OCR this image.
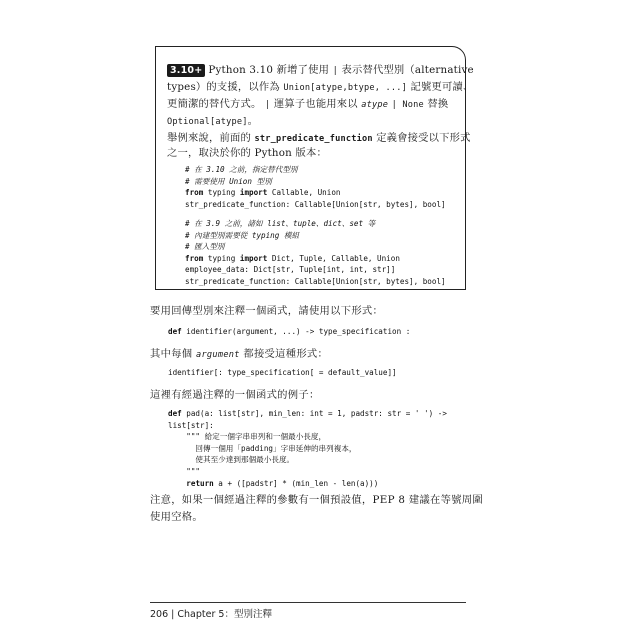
3.10+ Python 3.10 新增了使用 | 表示替代型別（alternative
types）的支援，以作為 Union[atype,btype, ...] 記號更可讀、
更簡潔的替代方式。 | 運算子也能用來以 atype | None 替換
Optional[atype]。
舉例來說，前面的 str_predicate_function 定義會接受以下形式
之一，取決於你的 Python 版本：
# 在 3.10 之前，指定替代型別
# 需要使用 Union 型別
from typing import Callable, Union
str_predicate_function: Callable[Union[str, bytes], bool]
# 在 3.9 之前，諸如 list、tuple、dict、set 等
# 內建型別需要從 typing 模組
# 匯入型別
from typing import Dict, Tuple, Callable, Union
employee_data: Dict[str, Tuple[int, int, str]]
str_predicate_function: Callable[Union[str, bytes], bool]
要用回傳型別來注釋一個函式，請使用以下形式：
def identifier(argument, ...) -> type_specification :
其中每個 argument 都接受這種形式：
identifier[: type_specification[ = default_value]]
這裡有經過注釋的一個函式的例子：
def pad(a: list[str], min_len: int = 1, padstr: str = ' ') ->
list[str]:
""" 給定一個字串串列和一個最小長度，
回傳一個用「padding」字串延伸的串列複本，
使其至少達到那個最小長度。
"""
return a + ([padstr] * (min_len - len(a)))
注意，如果一個經過注釋的參數有一個預設值，PEP 8 建議在等號周圍
使用空格。
206 | Chapter 5：型別注釋
